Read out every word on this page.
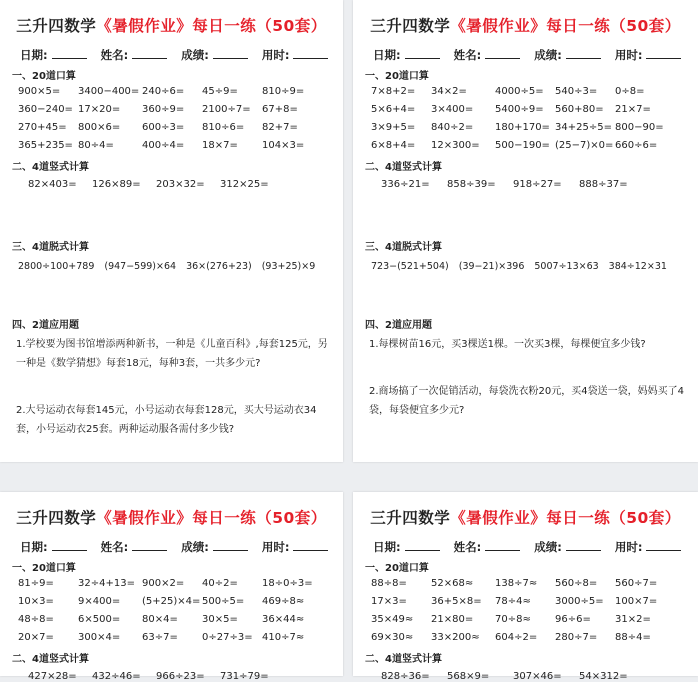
三升四数学《暑假作业》每日一练（50套）
日期:	姓名:	成绩:	用时:
一、20道口算
900×5=	3400−400= 240÷6=	45÷9=	810÷9=
360−240= 17×20=	360÷9=	2100÷7=	67+8=
270+45=	800×6=	600÷3=	810÷6=	82+7=
365+235= 80÷4=	400÷4=	18×7=	104×3=
二、4道竖式计算
82×403=	126×89=	203×32=	312×25=
三、4道脱式计算
2800÷100+789 (947−599)×64 36×(276+23) (93+25)×9
四、2道应用题
1.学校要为图书馆增添两种新书，一种是《儿童百科》,每套125元，另一种是《数学猜想》每套18元，每种3套，一共多少元?
2.大号运动衣每套145元，小号运动衣每套128元，买大号运动衣34套，小号运动衣25套。两种运动服各需付多少钱?
三升四数学《暑假作业》每日一练（50套）
日期:	姓名:	成绩:	用时:
一、20道口算
7×8+2=	34×2=	4000÷5=	540÷3=	0÷8=
5×6+4=	3×400=	5400÷9=	560+80=	21×7=
3×9+5=	840÷2=	180+170= 34+25÷5= 800−90=
6×8+4=	12×300=	500−190= (25−7)×0= 660÷6=
二、4道竖式计算
336÷21=	858÷39=	918÷27=	888÷37=
三、4道脱式计算
723−(521+504) (39−21)×396 5007÷13×63 384÷12×31
四、2道应用题
1.每棵树苗16元，买3棵送1棵。一次买3棵，每棵便宜多少钱?
2.商场搞了一次促销活动，每袋洗衣粉20元，买4袋送一袋，妈妈买了4袋，每袋便宜多少元?
三升四数学《暑假作业》每日一练（50套）
日期:	姓名:	成绩:	用时:
一、20道口算
81÷9=	32÷4+13= 900×2=	40÷2=	18÷0÷3=
10×3=	9×400=	(5+25)×4= 500÷5=	469÷8≈
48÷8=	6×500=	80×4=	30×5=	36×44≈
20×7=	300×4=	63÷7=	0÷27÷3= 410÷7≈
二、4道竖式计算
427×28=	432÷46=	966÷23=	731÷79=
三升四数学《暑假作业》每日一练（50套）
日期:	姓名:	成绩:	用时:
一、20道口算
88÷8=	52×68≈	138÷7≈	560÷8=	560÷7=
17×3=	36+5×8=	78÷4≈	3000÷5=	100×7=
35×49≈	21×80=	70÷8≈	96÷6=	31×2=
69×30≈	33×200≈	604÷2=	280÷7=	88÷4=
二、4道竖式计算
828÷36=	568×9=	307×46=	54×312=
